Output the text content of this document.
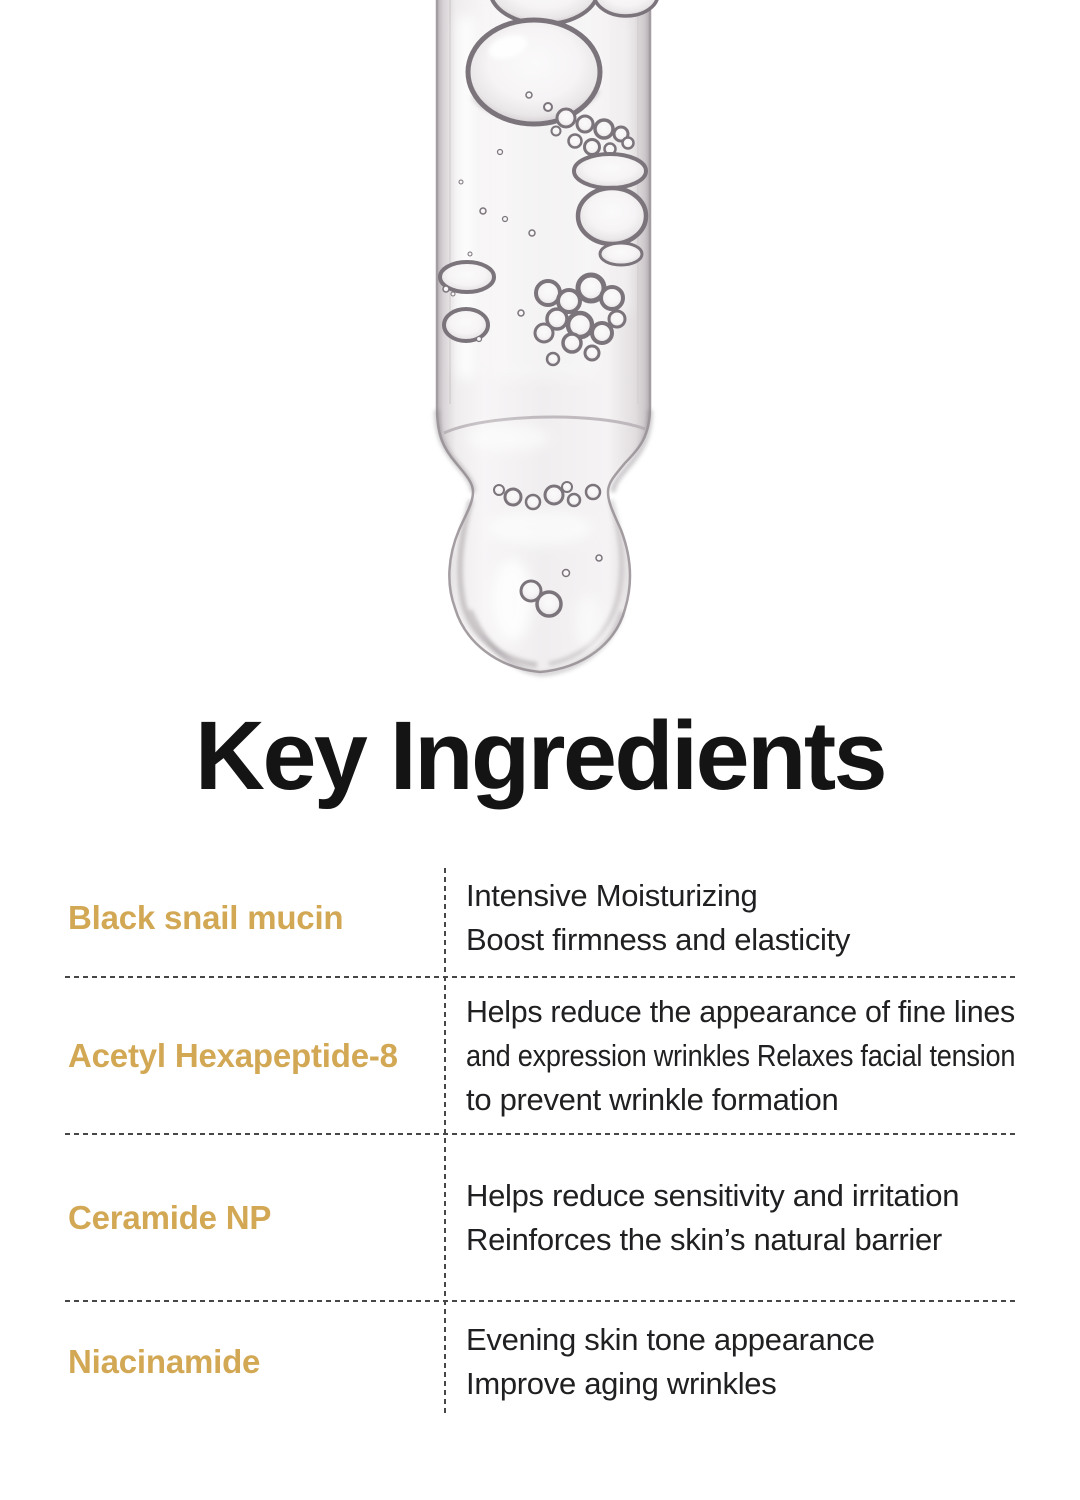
Key Ingredients
Black snail mucin
Intensive Moisturizing
Boost firmness and elasticity
Acetyl Hexapeptide-8
Helps reduce the appearance of fine lines
and expression wrinkles Relaxes facial tension
to prevent wrinkle formation
Ceramide NP
Helps reduce sensitivity and irritation
Reinforces the skin’s natural barrier
Niacinamide
Evening skin tone appearance
Improve aging wrinkles
